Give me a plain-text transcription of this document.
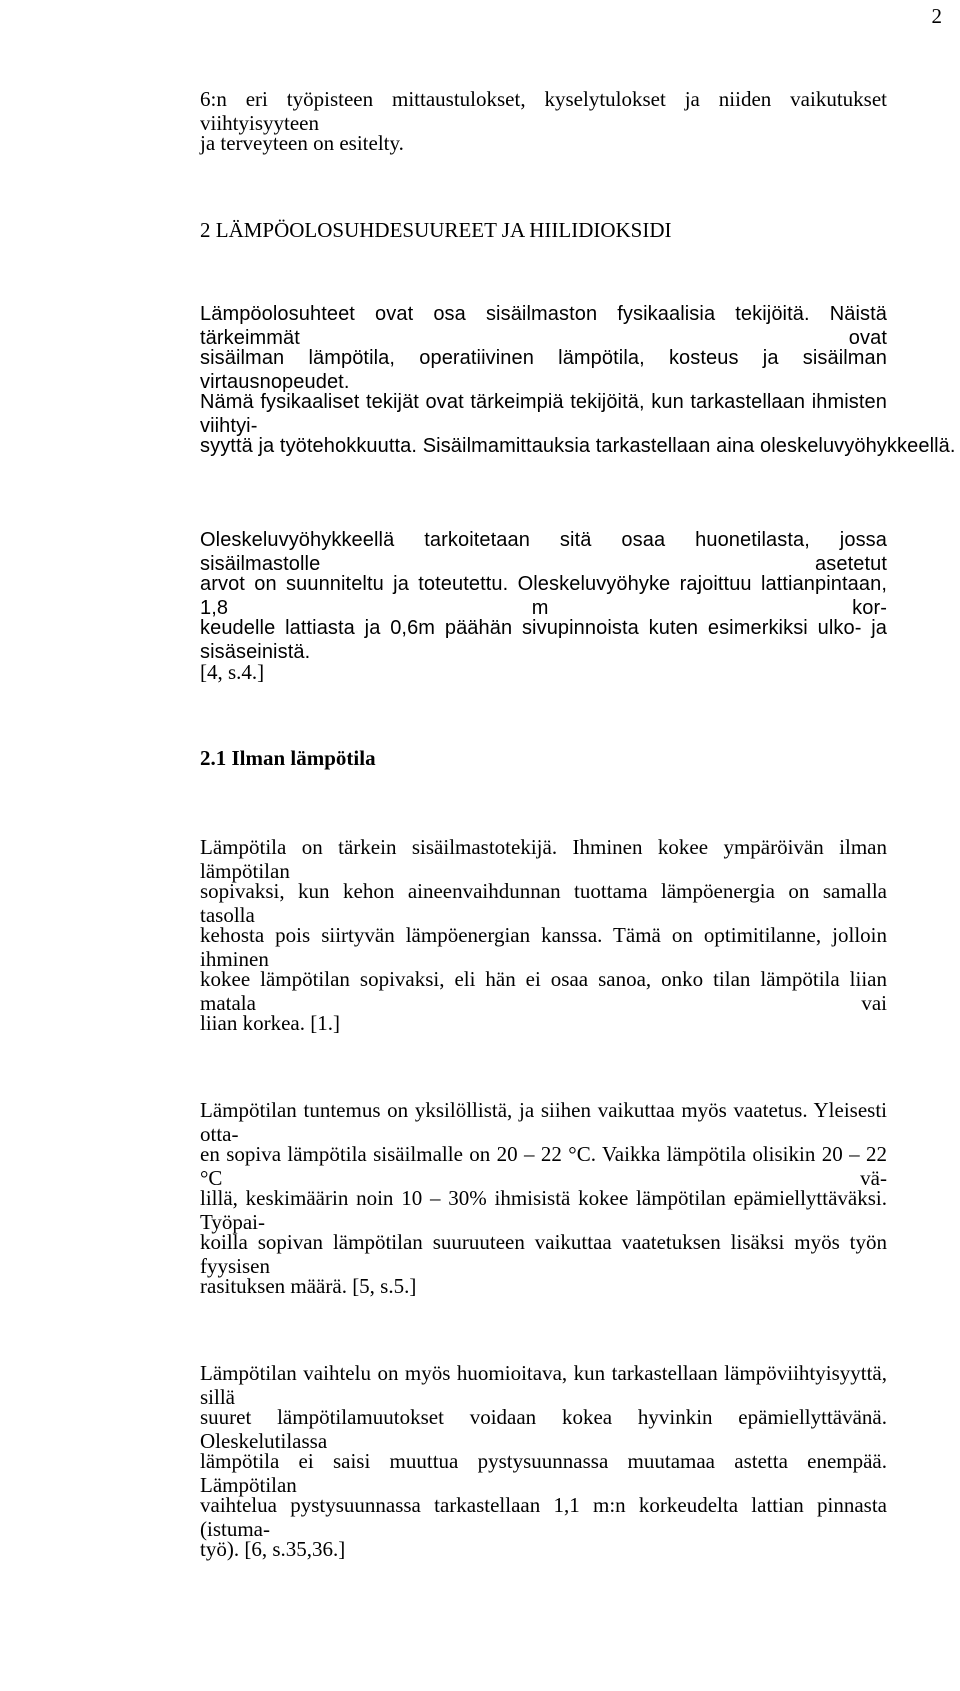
2
6:n eri työpisteen mittaustulokset, kyselytulokset ja niiden vaikutukset viihtyisyyteen
ja terveyteen on esitelty.
2 LÄMPÖOLOSUHDESUUREET JA HIILIDIOKSIDI
Lämpöolosuhteet ovat osa sisäilmaston fysikaalisia tekijöitä. Näistä tärkeimmät ovat
sisäilman lämpötila, operatiivinen lämpötila, kosteus ja sisäilman virtausnopeudet.
Nämä fysikaaliset tekijät ovat tärkeimpiä tekijöitä, kun tarkastellaan ihmisten viihtyi-
syyttä ja työtehokkuutta. Sisäilmamittauksia tarkastellaan aina oleskeluvyöhykkeellä.
Oleskeluvyöhykkeellä tarkoitetaan sitä osaa huonetilasta, jossa sisäilmastolle asetetut
arvot on suunniteltu ja toteutettu. Oleskeluvyöhyke rajoittuu lattianpintaan, 1,8 m kor-
keudelle lattiasta ja 0,6m päähän sivupinnoista kuten esimerkiksi ulko- ja sisäseinistä.
[4, s.4.]
2.1 Ilman lämpötila
Lämpötila on tärkein sisäilmastotekijä. Ihminen kokee ympäröivän ilman lämpötilan
sopivaksi, kun kehon aineenvaihdunnan tuottama lämpöenergia on samalla tasolla
kehosta pois siirtyvän lämpöenergian kanssa. Tämä on optimitilanne, jolloin ihminen
kokee lämpötilan sopivaksi, eli hän ei osaa sanoa, onko tilan lämpötila liian matala vai
liian korkea. [1.]
Lämpötilan tuntemus on yksilöllistä, ja siihen vaikuttaa myös vaatetus. Yleisesti otta-
en sopiva lämpötila sisäilmalle on 20 – 22 °C. Vaikka lämpötila olisikin 20 – 22 °C vä-
lillä, keskimäärin noin 10 – 30% ihmisistä kokee lämpötilan epämiellyttäväksi. Työpai-
koilla sopivan lämpötilan suuruuteen vaikuttaa vaatetuksen lisäksi myös työn fyysisen
rasituksen määrä. [5, s.5.]
Lämpötilan vaihtelu on myös huomioitava, kun tarkastellaan lämpöviihtyisyyttä, sillä
suuret lämpötilamuutokset voidaan kokea hyvinkin epämiellyttävänä. Oleskelutilassa
lämpötila ei saisi muuttua pystysuunnassa muutamaa astetta enempää. Lämpötilan
vaihtelua pystysuunnassa tarkastellaan 1,1 m:n korkeudelta lattian pinnasta (istuma-
työ). [6, s.35,36.]
